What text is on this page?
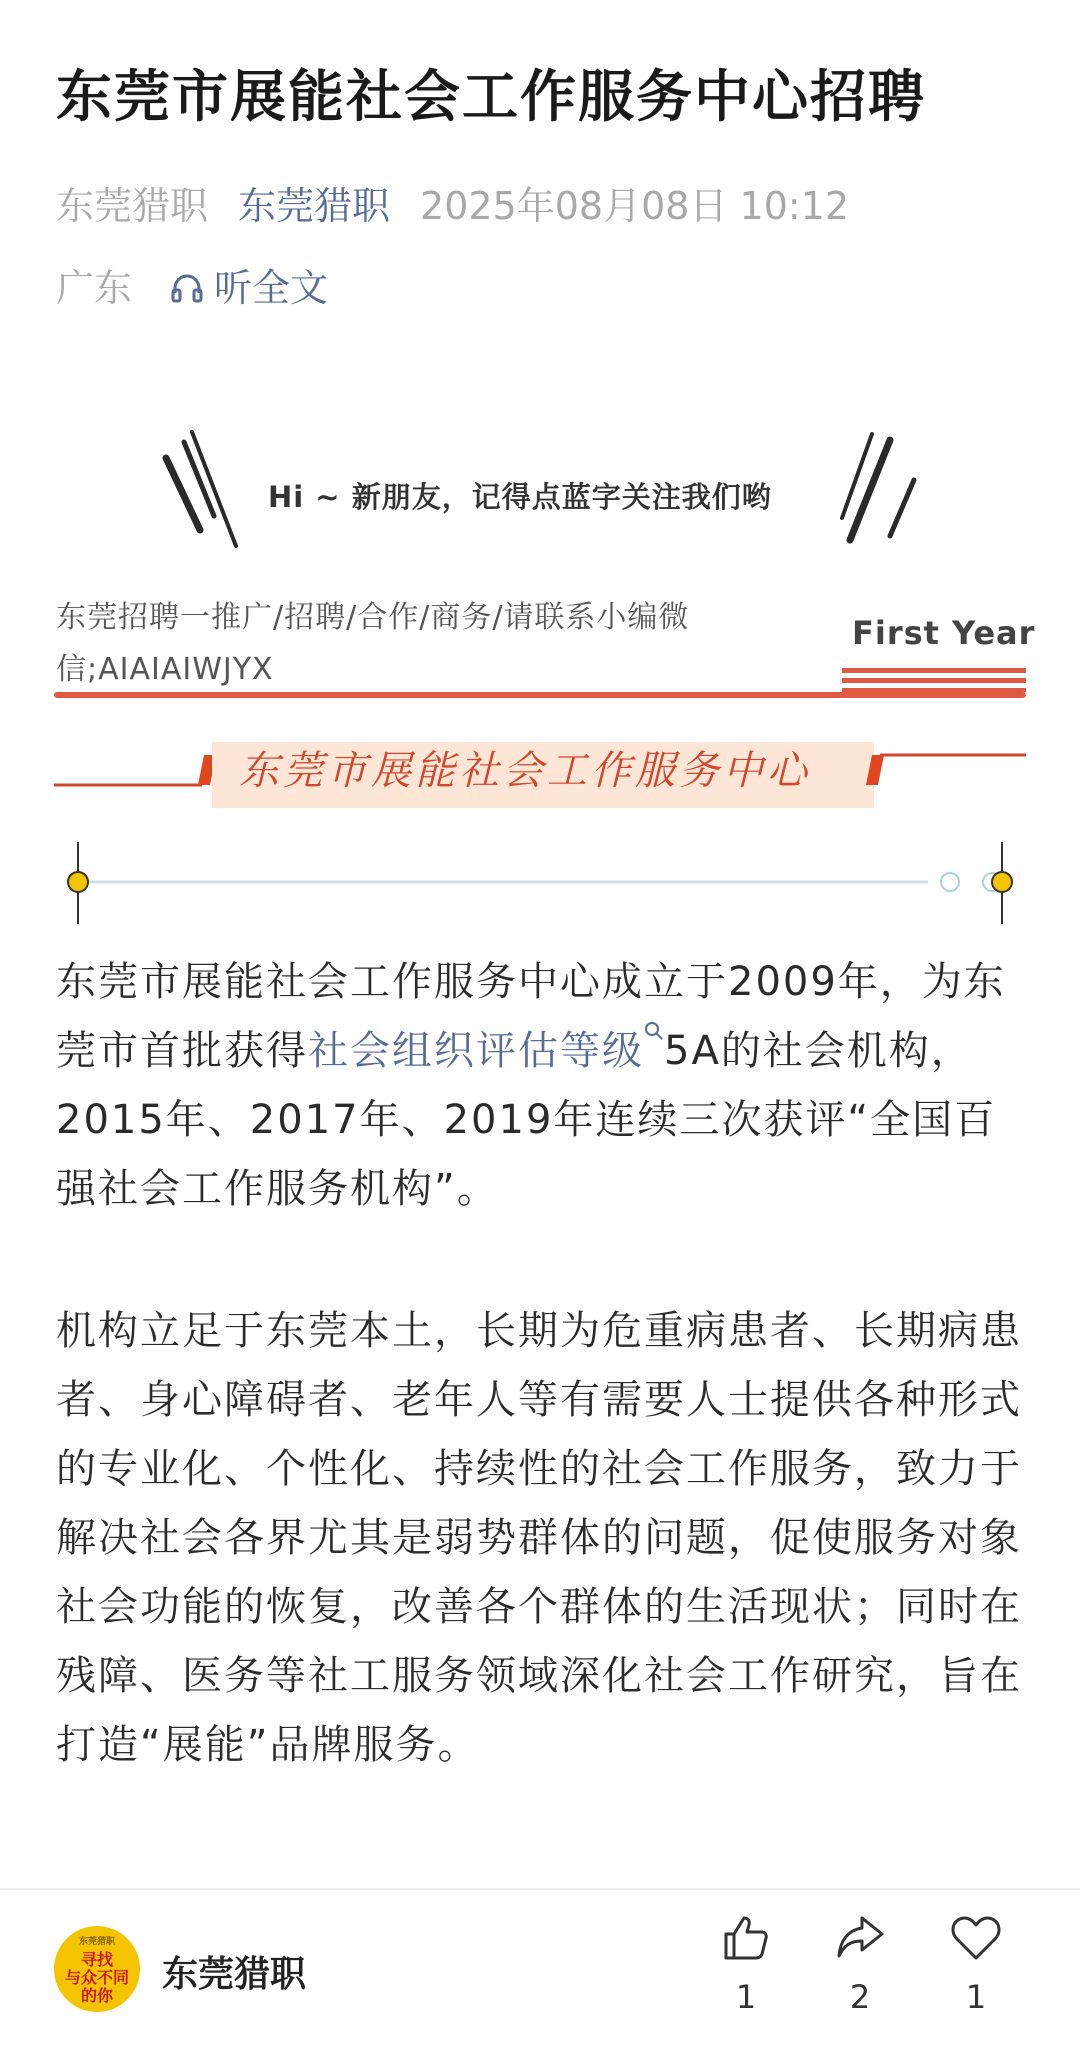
东莞市展能社会工作服务中心招聘
东莞猎职 东莞猎职 2025年08月08日 10:12
广东 听全文
Hi ~ 新朋友，记得点蓝字关注我们哟
东莞招聘一推广/招聘/合作/商务/请联系小编微信;AIAIAIWJYX
First Year
东莞市展能社会工作服务中心

东莞市展能社会工作服务中心成立于2009年，为东莞市首批获得社会组织评估等级 5A的社会机构，2015年、2017年、2019年连续三次获评“全国百强社会工作服务机构”。

机构立足于东莞本土，长期为危重病患者、长期病患者、身心障碍者、老年人等有需要人士提供各种形式的专业化、个性化、持续性的社会工作服务，致力于解决社会各界尤其是弱势群体的问题，促使服务对象社会功能的恢复，改善各个群体的生活现状；同时在残障、医务等社工服务领域深化社会工作研究，旨在打造“展能”品牌服务。

东莞猎职
寻找
与众不同
的你
东莞猎职
1	2	1
